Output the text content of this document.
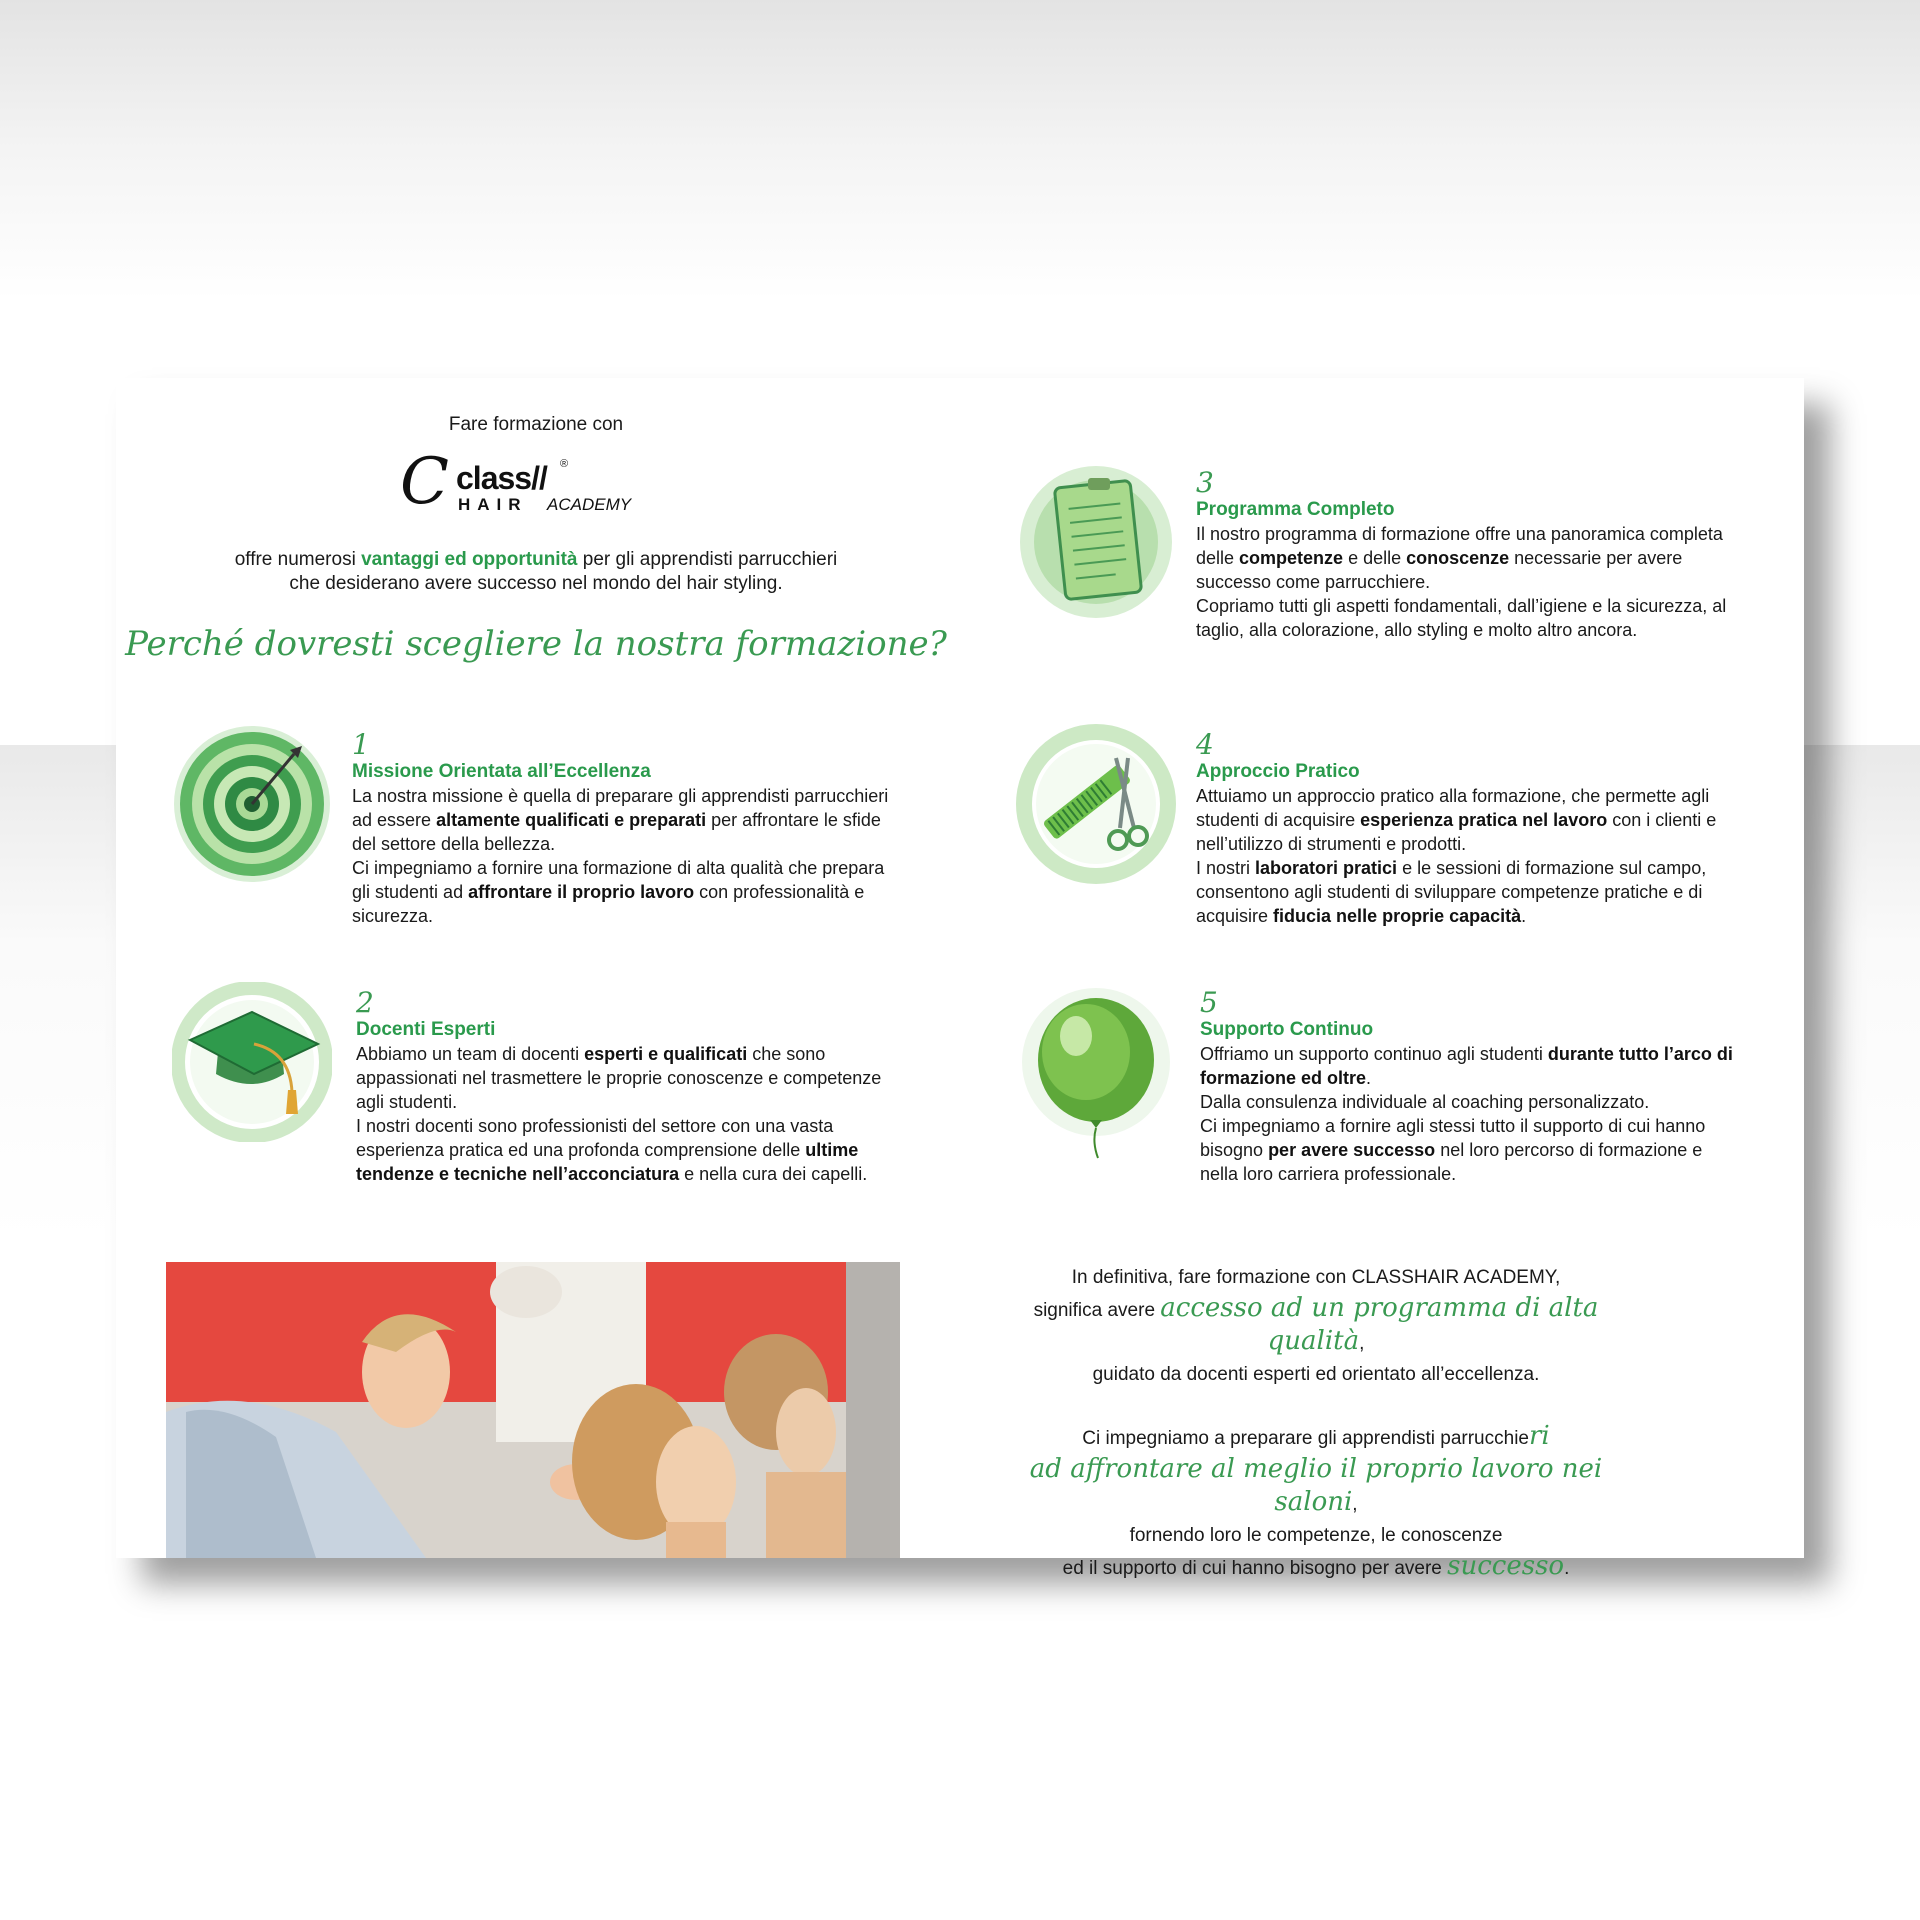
Fare formazione con
C class// ®
HAIR ACADEMY
offre numerosi vantaggi ed opportunità per gli apprendisti parrucchieri
che desiderano avere successo nel mondo del hair styling.
Perché dovresti scegliere la nostra formazione?
1
Missione Orientata all’Eccellenza
La nostra missione è quella di preparare gli apprendisti parrucchieri ad essere altamente qualificati e preparati per affrontare le sfide del settore della bellezza.
Ci impegniamo a fornire una formazione di alta qualità che prepara gli studenti ad affrontare il proprio lavoro con professionalità e sicurezza.
2
Docenti Esperti
Abbiamo un team di docenti esperti e qualificati che sono appassionati nel trasmettere le proprie conoscenze e competenze agli studenti.
I nostri docenti sono professionisti del settore con una vasta esperienza pratica ed una profonda comprensione delle ultime tendenze e tecniche nell’acconciatura e nella cura dei capelli.
3
Programma Completo
Il nostro programma di formazione offre una panoramica completa delle competenze e delle conoscenze necessarie per avere successo come parrucchiere.
Copriamo tutti gli aspetti fondamentali, dall’igiene e la sicurezza, al taglio, alla colorazione, allo styling e molto altro ancora.
4
Approccio Pratico
Attuiamo un approccio pratico alla formazione, che permette agli studenti di acquisire esperienza pratica nel lavoro con i clienti e nell’utilizzo di strumenti e prodotti.
I nostri laboratori pratici e le sessioni di formazione sul campo, consentono agli studenti di sviluppare competenze pratiche e di acquisire fiducia nelle proprie capacità.
5
Supporto Continuo
Offriamo un supporto continuo agli studenti durante tutto l’arco di formazione ed oltre.
Dalla consulenza individuale al coaching personalizzato.
Ci impegniamo a fornire agli stessi tutto il supporto di cui hanno bisogno per avere successo nel loro percorso di formazione e nella loro carriera professionale.

In definitiva, fare formazione con CLASSHAIR ACADEMY,

significa avere accesso ad un programma di alta qualità,

guidato da docenti esperti ed orientato all’eccellenza.

Ci impegniamo a preparare gli apprendisti parrucchieri

ad affrontare al meglio il proprio lavoro nei saloni,

fornendo loro le competenze, le conoscenze

ed il supporto di cui hanno bisogno per avere successo.
